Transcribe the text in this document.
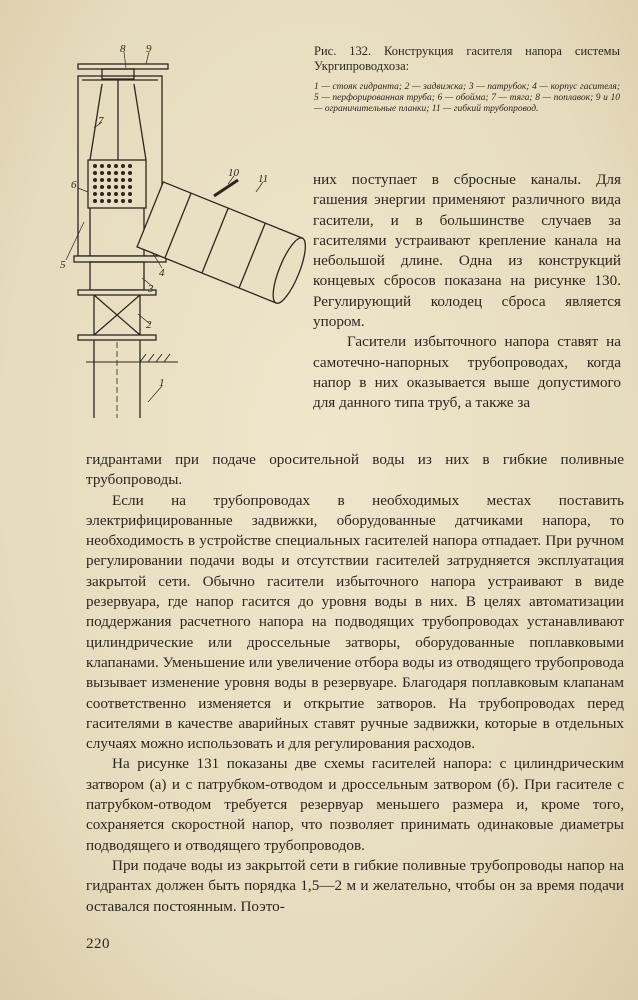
8 9
7
6
5
4
3
2
1
10 11

Рис. 132. Конструкция гасителя напора системы Укргипроводхоза:

1 — стояк гидранта; 2 — задвижка; 3 — патрубок; 4 — корпус гасителя; 5 — перфорированная труба; 6 — обойма; 7 — тяга; 8 — поплавок; 9 и 10 — ограничительные планки; 11 — гибкий трубопровод.

них поступает в сбросные каналы. Для гашения энергии применяют различного вида гасители, и в большинстве случаев за гасителями устраивают крепление канала на небольшой длине. Одна из конструкций концевых сбросов показана на рисунке 130. Регулирующий колодец сброса является упором.

Гасители избыточного напора ставят на самотечно-напорных трубопроводах, когда напор в них оказывается выше допустимого для данного типа труб, а также за

гидрантами при подаче оросительной воды из них в гибкие поливные трубопроводы.

Если на трубопроводах в необходимых местах поставить электрифицированные задвижки, оборудованные датчиками напора, то необходимость в устройстве специальных гасителей напора отпадает. При ручном регулировании подачи воды и отсутствии гасителей затрудняется эксплуатация закрытой сети. Обычно гасители избыточного напора устраивают в виде резервуара, где напор гасится до уровня воды в них. В целях автоматизации поддержания расчетного напора на подводящих трубопроводах устанавливают цилиндрические или дроссельные затворы, оборудованные поплавковыми клапанами. Уменьшение или увеличение отбора воды из отводящего трубопровода вызывает изменение уровня воды в резервуаре. Благодаря поплавковым клапанам соответственно изменяется и открытие затворов. На трубопроводах перед гасителями в качестве аварийных ставят ручные задвижки, которые в отдельных случаях можно использовать и для регулирования расходов.

На рисунке 131 показаны две схемы гасителей напора: с цилиндрическим затвором (а) и с патрубком-отводом и дроссельным затвором (б). При гасителе с патрубком-отводом требуется резервуар меньшего размера и, кроме того, сохраняется скоростной напор, что позволяет принимать одинаковые диаметры подводящего и отводящего трубопроводов.

При подаче воды из закрытой сети в гибкие поливные трубопроводы напор на гидрантах должен быть порядка 1,5—2 м и желательно, чтобы он за время подачи оставался постоянным. Поэто-

220
